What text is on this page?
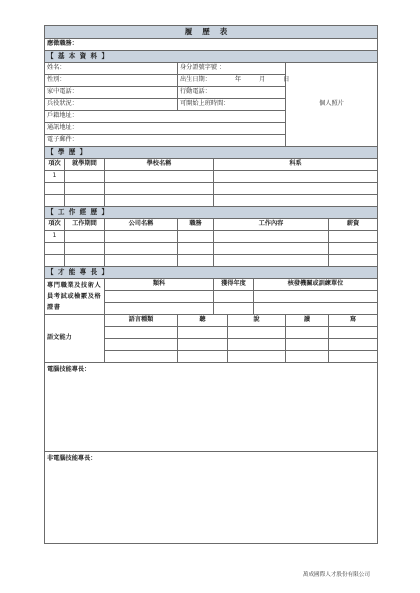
履歷表								
應徵職務：								
【 基 本 資 料 】								
姓名：			身分證號字號 ：				個人照片	
性別：			出生日期： 年 月 日					
家中電話：			行動電話：					
兵役狀況：			可開始上班時間：					
戶籍地址：								
通訊地址：								
電子郵件：								
【 學 歷 】								
項次	就學期間	學校名稱		科系				
1								

【 工 作 經 歷 】								
項次	工作期間	公司名稱	職務	工作內容				薪資
1								

【 才 能 專 長 】								
專門職業及技術人員考試或檢覈及格證書		類科		獲得年度		核發機關或訓練單位		

語文能力		語言種類	聽		說		讀	寫

電腦技能專長：								
非電腦技能專長：								
萬成國際人才股份有限公司
